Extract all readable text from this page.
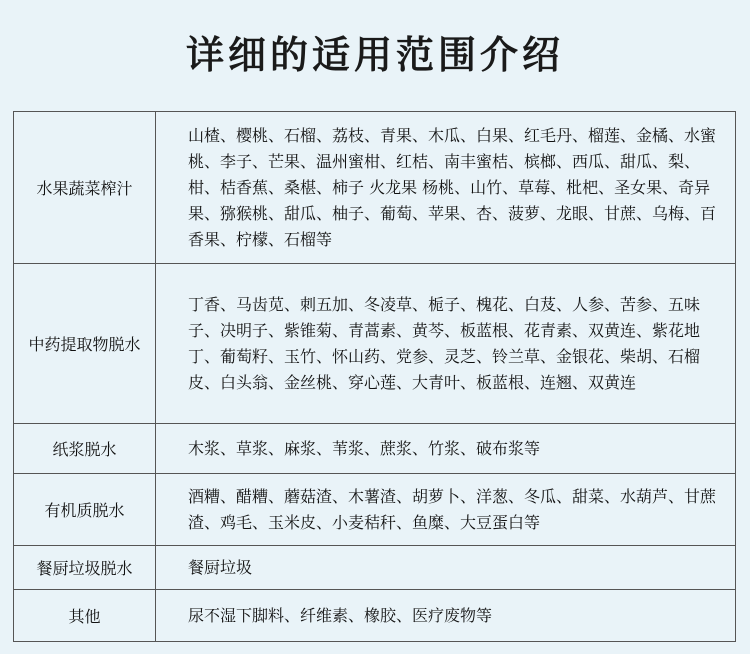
详细的适用范围介绍
水果蔬菜榨汁	山楂、樱桃、石榴、荔枝、青果、木瓜、白果、红毛丹、榴莲、金橘、水蜜桃、李子、芒果、温州蜜柑、红桔、南丰蜜桔、槟榔、西瓜、甜瓜、梨、柑、桔香蕉、桑椹、柿子 火龙果 杨桃、山竹、草莓、枇杷、圣女果、奇异果、猕猴桃、甜瓜、柚子、葡萄、苹果、杏、菠萝、龙眼、甘蔗、乌梅、百香果、柠檬、石榴等
中药提取物脱水	丁香、马齿苋、刺五加、冬凌草、栀子、槐花、白芨、人参、苦参、五味子、决明子、紫锥菊、青蒿素、黄芩、板蓝根、花青素、双黄连、紫花地丁、葡萄籽、玉竹、怀山药、党参、灵芝、铃兰草、金银花、柴胡、石榴皮、白头翁、金丝桃、穿心莲、大青叶、板蓝根、连翘、双黄连
纸浆脱水	木浆、草浆、麻浆、苇浆、蔗浆、竹浆、破布浆等
有机质脱水	酒糟、醋糟、蘑菇渣、木薯渣、胡萝卜、洋葱、冬瓜、甜菜、水葫芦、甘蔗渣、鸡毛、玉米皮、小麦秸秆、鱼糜、大豆蛋白等
餐厨垃圾脱水	餐厨垃圾
其他	尿不湿下脚料、纤维素、橡胶、医疗废物等
